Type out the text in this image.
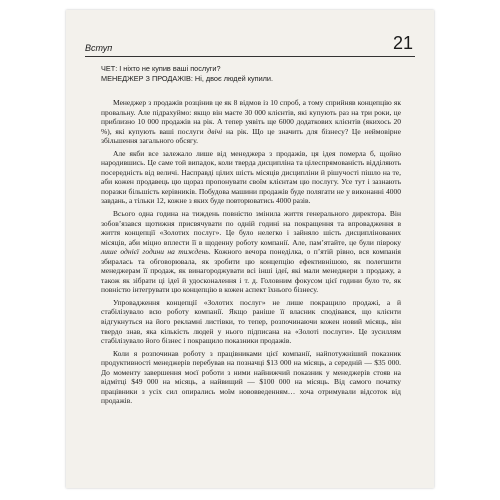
Вступ	21

ЧЕТ: І ніхто не купив ваші послуги?

МЕНЕДЖЕР З ПРОДАЖІВ: Ні, двоє людей купили.

Менеджер з продажів розцінив це як 8 відмов із 10 спроб, а тому сприйняв концепцію як провальну. Але підрахуймо: якщо він маєте 30 000 клієнтів, які купують раз на три роки, це приблизно 10 000 продажів на рік. А тепер уявіть ще 6000 додаткових клієнтів (якихось 20 %), які купують ваші послуги двічі на рік. Що це значить для бізнесу? Це неймовірне збільшення загального обсягу.

Але якби все залежало лише від менеджера з продажів, ця ідея померла б, щойно народившись. Це саме той випадок, коли тверда дисципліна та цілеспрямованість відділяють посередність від величі. Насправді цілих шість місяців дисципліни й рішучості пішло на те, аби кожен продавець цю щораз пропонувати своїм клієнтам цю послугу. Усе тут і зазнають поразки більшість керівників. Побудова машини продажів буде полягати не у виконанні 4000 завдань, а тільки 12, кожне з яких буде повторюватись 4000 разів.

Всього одна година на тиждень повністю змінила життя генерального директора. Він зобов’язався щотижня присвячувати по одній годині на покращення та впровадження в життя концепції «Золотих послуг». Це було нелегко і зайняло шість дисциплінованих місяців, аби міцно вплести її в щоденну роботу компанії. Але, пам’ятайте, це були півроку лише однієї години на тиждень. Кожного вечора понеділка, о п’ятій рівно, вся компанія збиралась та обговорювала, як зробити цю концепцію ефективнішою, як полегшити менеджерам її продаж, як винагороджувати всі інші ідеї, які мали менеджери з продажу, а також як зібрати ці ідеї й удосконалення і т. д. Головним фокусом цієї години було те, як повністю інтегрувати цю концепцію в кожен аспект їхнього бізнесу.

Упровадження концепції «Золотих послуг» не лише покращило продажі, а й стабілізувало всю роботу компанії. Якщо раніше її власник сподівався, що клієнти відгукнуться на його рекламні листівки, то тепер, розпочинаючи кожен новий місяць, він твердо знав, яка кількість людей у нього підписана на «Золоті послуги». Це зусиллям стабілізувало його бізнес і покращило показники продажів.

Коли я розпочинав роботу з працівниками цієї компанії, найпотужніший показник продуктивності менеджерів перебував на позначці $13 000 на місяць, а середній — $35 000. До моменту завершення моєї роботи з ними найнижчий показник у менеджерів стояв на відмітці $49 000 на місяць, а найвищий — $100 000 на місяць. Від самого початку працівники з усіх сил опирались моїм нововведенням… хоча отримували відсоток від продажів.
